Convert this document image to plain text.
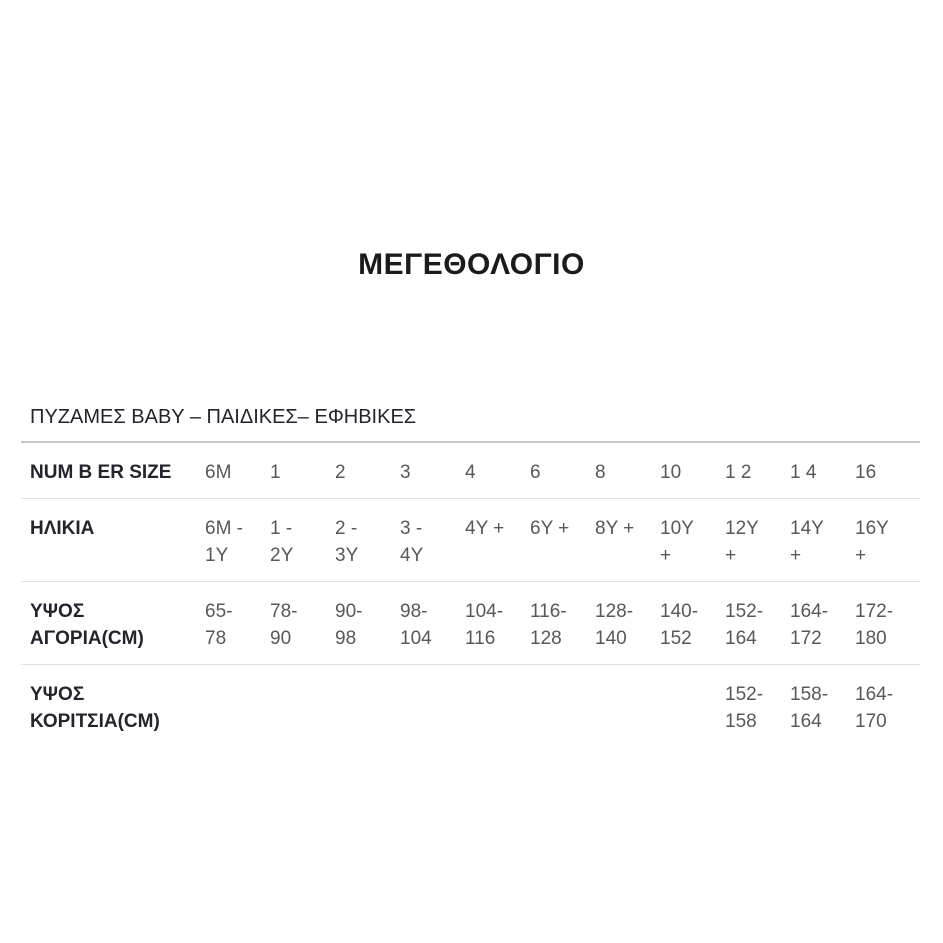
ΜΕΓΕΘΟΛΟΓΙΟ
ΠΥΖΑΜΕΣ BABY – ΠΑΙΔΙΚΕΣ– ΕΦΗΒΙΚΕΣ
NUM B ER SIZE	6M	1	2	3	4	6	8	10	1 2	1 4	16
ΗΛΙΚΙΑ	6M - 1Y	1 - 2Y	2 - 3Y	3 - 4Y	4Y +	6Y +	8Y +	10Y +	12Y +	14Y +	16Y +
ΥΨΟΣ ΑΓΟΡΙΑ(CM)	65-78	78-90	90-98	98-104	104-116	116-128	128-140	140-152	152-164	164-172	172-180
ΥΨΟΣ ΚΟΡΙΤΣΙΑ(CM)									152-158	158-164	164-170
